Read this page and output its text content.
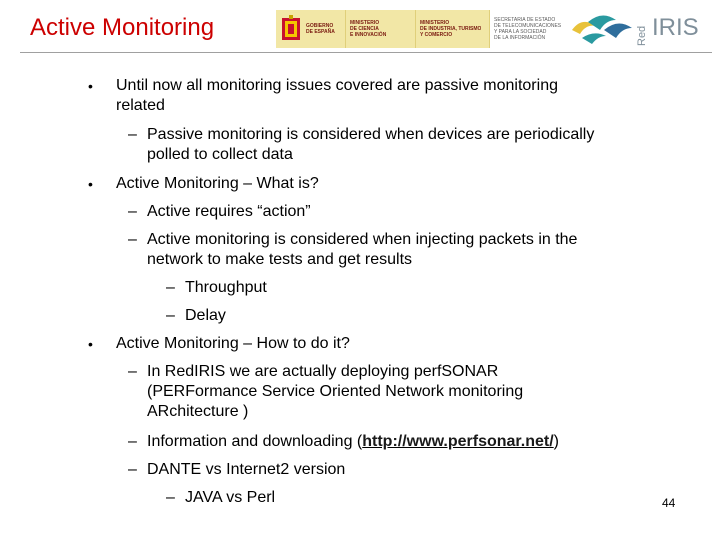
Active Monitoring	GOBIERNO
DE ESPAÑA
MINISTERIO
DE CIENCIA
E INNOVACIÓN
MINISTERIO
DE INDUSTRIA, TURISMO
Y COMERCIO
SECRETARÍA DE ESTADO
DE TELECOMUNICACIONES
Y PARA LA SOCIEDAD
DE LA INFORMACIÓN	Red IRIS
• Until now all monitoring issues covered are passive monitoring
related
– Passive monitoring is considered when devices are periodically
polled to collect data
• Active Monitoring – What is?
– Active requires “action”
– Active monitoring is considered when injecting packets in the
network to make tests and get results
– Throughput
– Delay
• Active Monitoring – How to do it?
– In RedIRIS we are actually deploying perfSONAR
(PERFormance Service Oriented Network monitoring
ARchitecture )
– Information and downloading (http://www.perfsonar.net/)
– DANTE vs Internet2 version
– JAVA vs Perl	44
